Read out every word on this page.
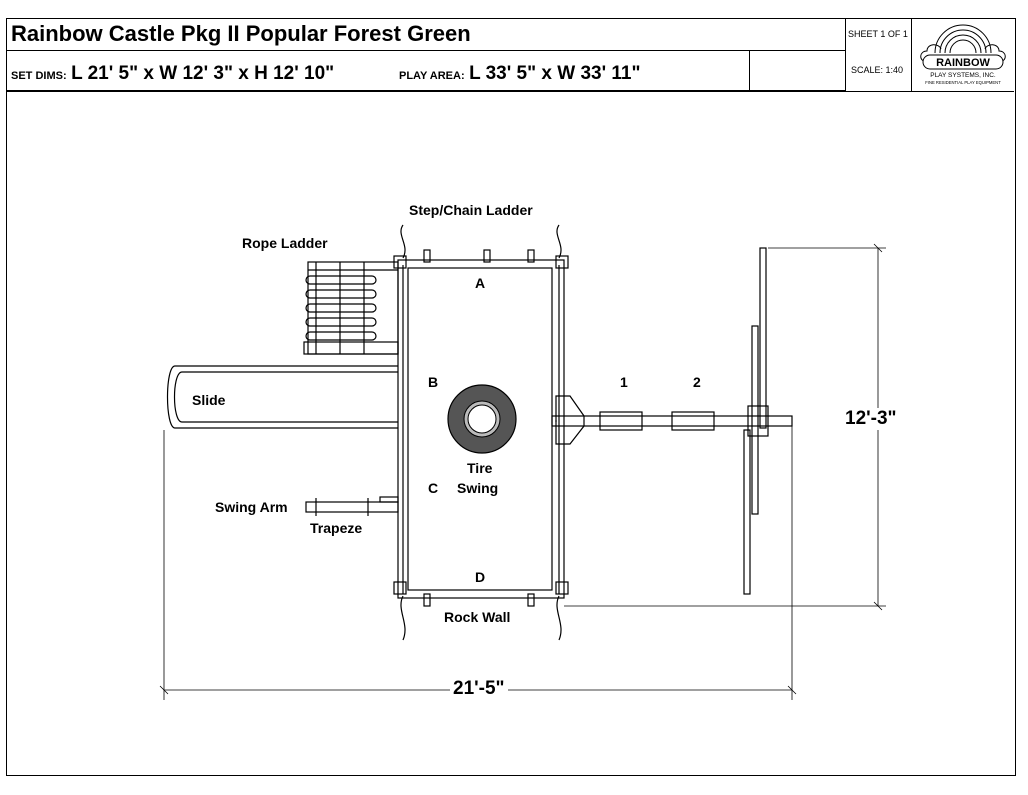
Rainbow Castle Pkg II Popular Forest Green
SET DIMS: L 21' 5" x W 12' 3" x H 12' 10"	PLAY AREA: L 33' 5" x W 33' 11"
SHEET 1 OF 1
SCALE: 1:40
RAINBOW
PLAY SYSTEMS, INC.
FINE RESIDENTIAL PLAY EQUIPMENT
Step/Chain Ladder
Rope Ladder
Slide
Swing Arm
Trapeze
Rock Wall
Tire
Swing
A
B
C
D
1	2
12'-3"
21'-5"
